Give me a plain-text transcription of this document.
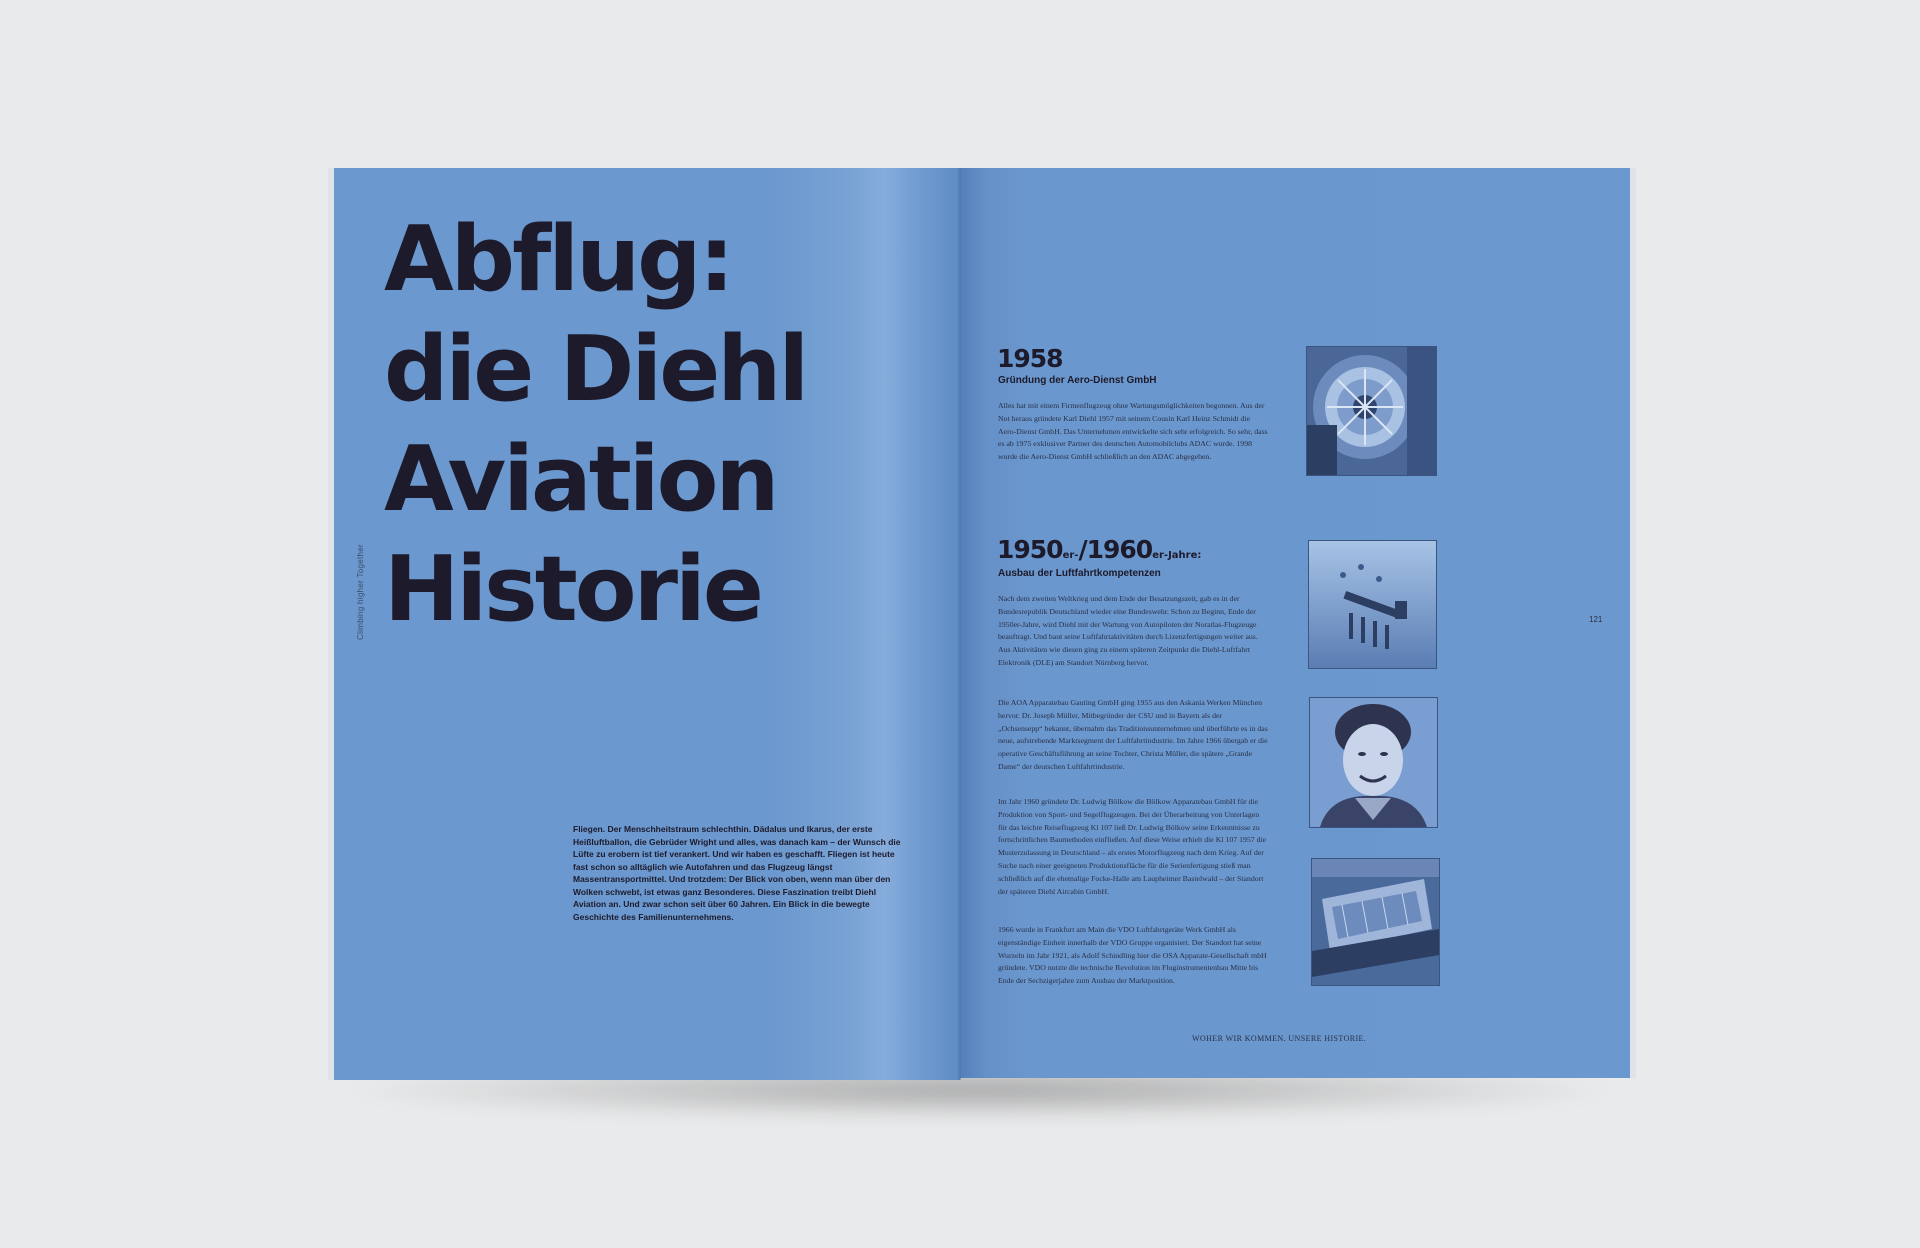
Climbing higher Together
Abflug:
die Diehl
Aviation
Historie
Fliegen. Der Menschheitstraum schlechthin. Dädalus und Ikarus, der erste Heißluftballon, die Gebrüder Wright und alles, was danach kam – der Wunsch die Lüfte zu erobern ist tief verankert. Und wir haben es geschafft. Fliegen ist heute fast schon so alltäglich wie Autofahren und das Flugzeug längst Massentransportmittel. Und trotzdem: Der Blick von oben, wenn man über den Wolken schwebt, ist etwas ganz Besonderes. Diese Faszination treibt Diehl Aviation an. Und zwar schon seit über 60 Jahren. Ein Blick in die bewegte Geschichte des Familienunternehmens.
1958
Gründung der Aero-Dienst GmbH
Alles hat mit einem Firmenflugzeug ohne Wartungsmöglichkeiten begonnen. Aus der Not heraus gründete Karl Diehl 1957 mit seinem Cousin Karl Heinz Schmidt die Aero-Dienst GmbH. Das Unternehmen entwickelte sich sehr erfolgreich. So sehr, dass es ab 1975 exklusiver Partner des deutschen Automobilclubs ADAC wurde. 1998 wurde die Aero-Dienst GmbH schließlich an den ADAC abgegeben.
1950er-/1960er-Jahre:
Ausbau der Luftfahrtkompetenzen
Nach dem zweiten Weltkrieg und dem Ende der Besatzungszeit, gab es in der Bundesrepublik Deutschland wieder eine Bundeswehr. Schon zu Beginn, Ende der 1950er-Jahre, wird Diehl mit der Wartung von Autopiloten der Noratlas-Flugzeuge beauftragt. Und baut seine Luftfahrtaktivitäten durch Lizenzfertigungen weiter aus. Aus Aktivitäten wie diesen ging zu einem späteren Zeitpunkt die Diehl-Luftfahrt Elektronik (DLE) am Standort Nürnberg hervor.
Die AOA Apparatebau Gauting GmbH ging 1955 aus den Askania Werken München hervor. Dr. Joseph Müller, Mitbegründer der CSU und in Bayern als der „Ochsensepp“ bekannt, übernahm das Traditionsunternehmen und überführte es in das neue, aufstrebende Marktsegment der Luftfahrtindustrie. Im Jahre 1966 übergab er die operative Geschäftsführung an seine Tochter, Christa Müller, die spätere „Grande Dame“ der deutschen Luftfahrtindustrie.
Im Jahr 1960 gründete Dr. Ludwig Bölkow die Bölkow Apparatebau GmbH für die Produktion von Sport- und Segelflugzeugen. Bei der Überarbeitung von Unterlagen für das leichte Reiseflugzeug Kl 107 ließ Dr. Ludwig Bölkow seine Erkenntnisse zu fortschrittlichen Baumethoden einfließen. Auf diese Weise erhielt die Kl 107 1957 die Musterzulassung in Deutschland – als erstes Motorflugzeug nach dem Krieg. Auf der Suche nach einer geeigneten Produktionsfläche für die Serienfertigung stieß man schließlich auf die ehemalige Focke-Halle am Laupheimer Bastelwald – der Standort der späteren Diehl Aircabin GmbH.
1966 wurde in Frankfurt am Main die VDO Luftfahrtgeräte Werk GmbH als eigenständige Einheit innerhalb der VDO Gruppe organisiert. Der Standort hat seine Wurzeln im Jahr 1921, als Adolf Schindling hier die OSA Apparate-Gesellschaft mbH gründete. VDO nutzte die technische Revolution im Fluginstrumentenbau Mitte bis Ende der Sechzigerjahre zum Ausbau der Marktposition.
121
WOHER WIR KOMMEN. UNSERE HISTORIE.
